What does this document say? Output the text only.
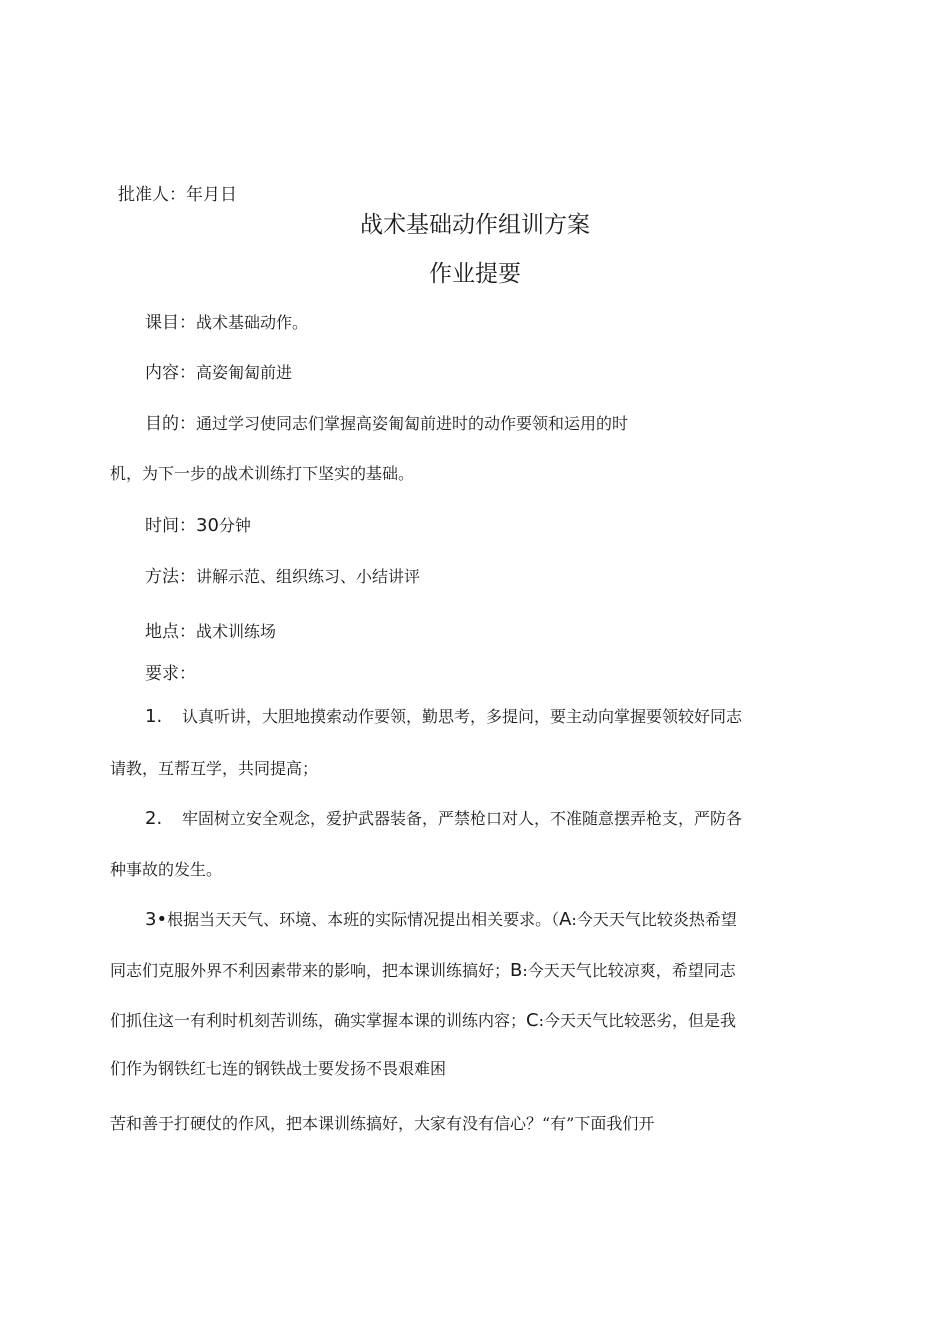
批准人：年月日
战术基础动作组训方案
作业提要
课目：战术基础动作。
内容：高姿匍匐前进
目的：通过学习使同志们掌握高姿匍匐前进时的动作要领和运用的时
机，为下一步的战术训练打下坚实的基础。
时间：30分钟
方法：讲解示范、组织练习、小结讲评
地点：战术训练场
要求：
1. 认真听讲，大胆地摸索动作要领，勤思考，多提问，要主动向掌握要领较好同志
请教，互帮互学，共同提高；
2. 牢固树立安全观念，爱护武器装备，严禁枪口对人，不准随意摆弄枪支，严防各
种事故的发生。
3•根据当天天气、环境、本班的实际情况提出相关要求。（A:今天天气比较炎热希望
同志们克服外界不利因素带来的影响，把本课训练搞好；B:今天天气比较凉爽，希望同志
们抓住这一有利时机刻苦训练，确实掌握本课的训练内容；C:今天天气比较恶劣，但是我
们作为钢铁红七连的钢铁战士要发扬不畏艰难困
苦和善于打硬仗的作风，把本课训练搞好，大家有没有信心？“有”下面我们开
